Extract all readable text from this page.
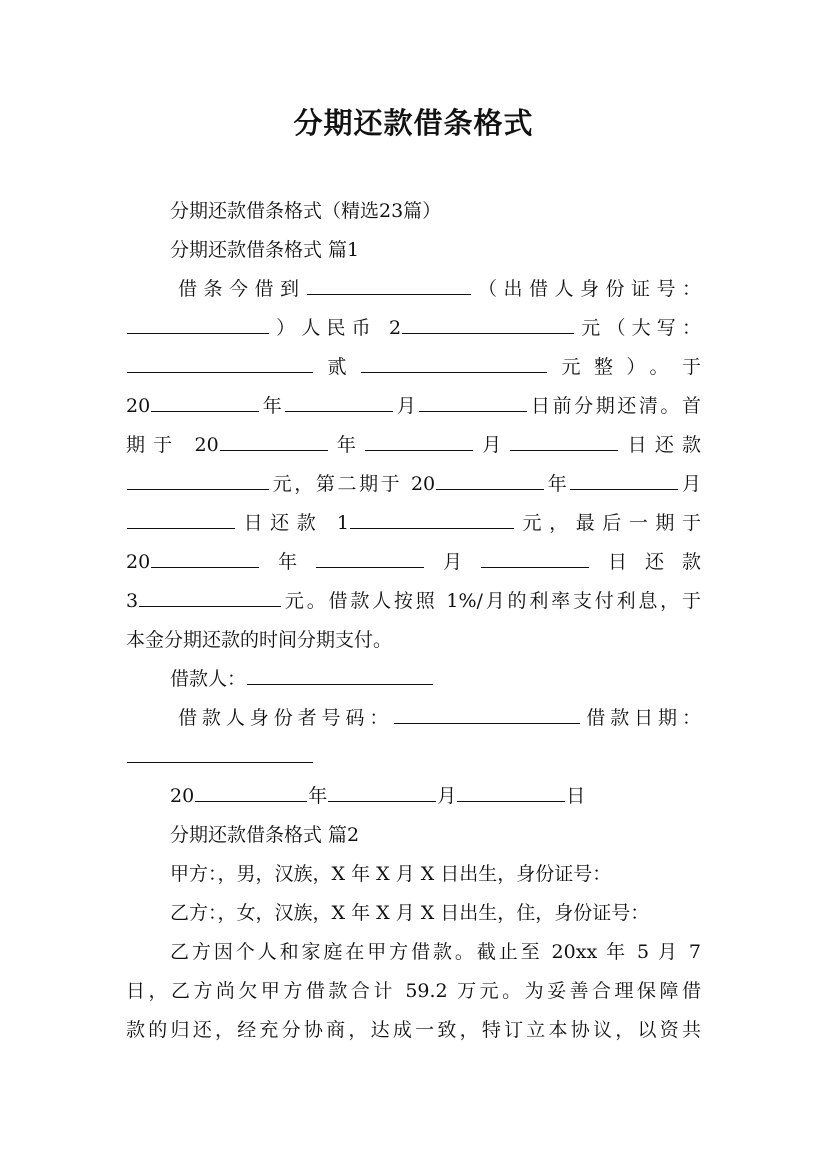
分期还款借条格式
分期还款借条格式（精选23篇）
分期还款借条格式 篇1
借条今借到	（出借人身份证号：
）人民币 2	元（大写：
贰	元整）。于
20	年	月	日前分期还清。首
期于 20	年	月	日还款
元，第二期于 20	年	月
日还款 1	元，最后一期于
20	年	月	日还款
3	元。借款人按照 1%/月的利率支付利息，于
本金分期还款的时间分期支付。
借款人：
借款人身份者号码：	借款日期：
20	年	月	日
分期还款借条格式 篇2
甲方：，男，汉族，X 年 X 月 X 日出生，身份证号：
乙方：，女，汉族，X 年 X 月 X 日出生，住，身份证号：
乙方因个人和家庭在甲方借款。截止至 20xx 年 5 月 7
日，乙方尚欠甲方借款合计 59.2 万元。为妥善合理保障借
款的归还，经充分协商，达成一致，特订立本协议，以资共
